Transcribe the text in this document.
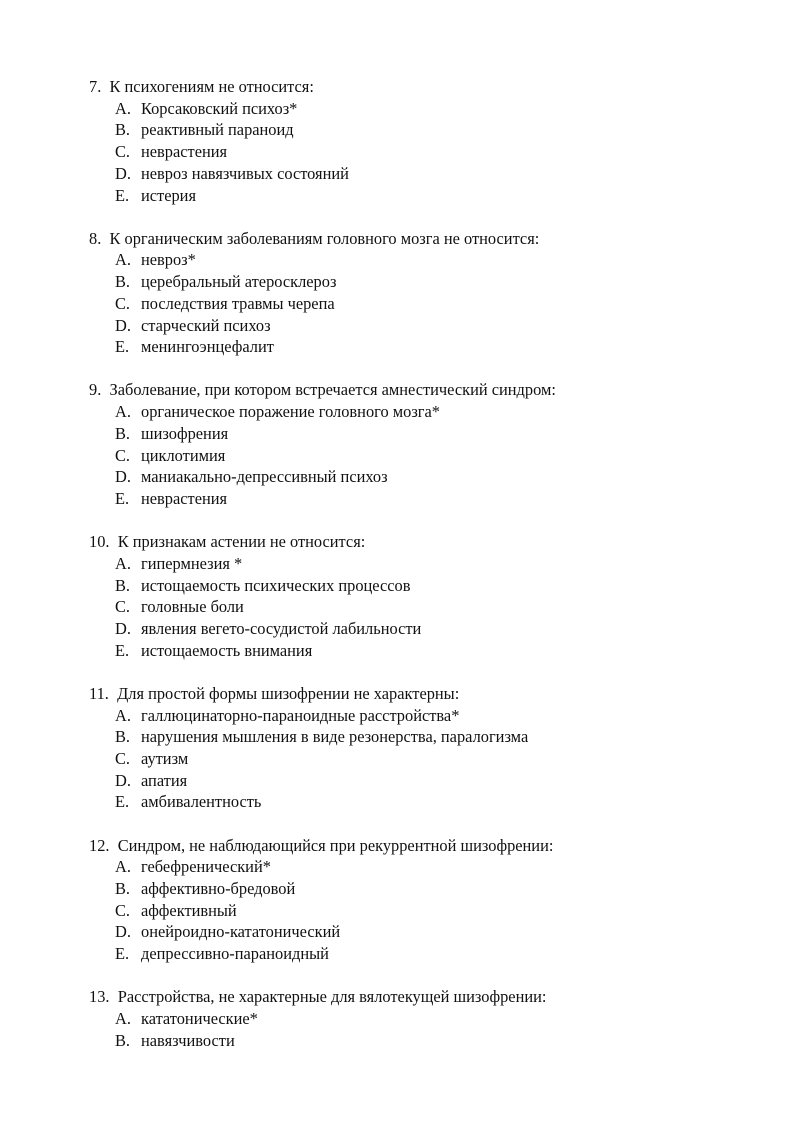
7. К психогениям не относится:
A. Корсаковский психоз*
B. реактивный параноид
C. неврастения
D. невроз навязчивых состояний
E. истерия
8. К органическим заболеваниям головного мозга не относится:
A. невроз*
B. церебральный атеросклероз
C. последствия травмы черепа
D. старческий психоз
E. менингоэнцефалит
9. Заболевание, при котором встречается амнестический синдром:
A. органическое поражение головного мозга*
B. шизофрения
C. циклотимия
D. маниакально-депрессивный психоз
E. неврастения
10. К признакам астении не относится:
A. гипермнезия *
B. истощаемость психических процессов
C. головные боли
D. явления вегето-сосудистой лабильности
E. истощаемость внимания
11. Для простой формы шизофрении не характерны:
A. галлюцинаторно-параноидные расстройства*
B. нарушения мышления в виде резонерства, паралогизма
C. аутизм
D. апатия
E. амбивалентность
12. Синдром, не наблюдающийся при рекуррентной шизофрении:
A. гебефренический*
B. аффективно-бредовой
C. аффективный
D. онейроидно-кататонический
E. депрессивно-параноидный
13. Расстройства, не характерные для вялотекущей шизофрении:
A. кататонические*
B. навязчивости
